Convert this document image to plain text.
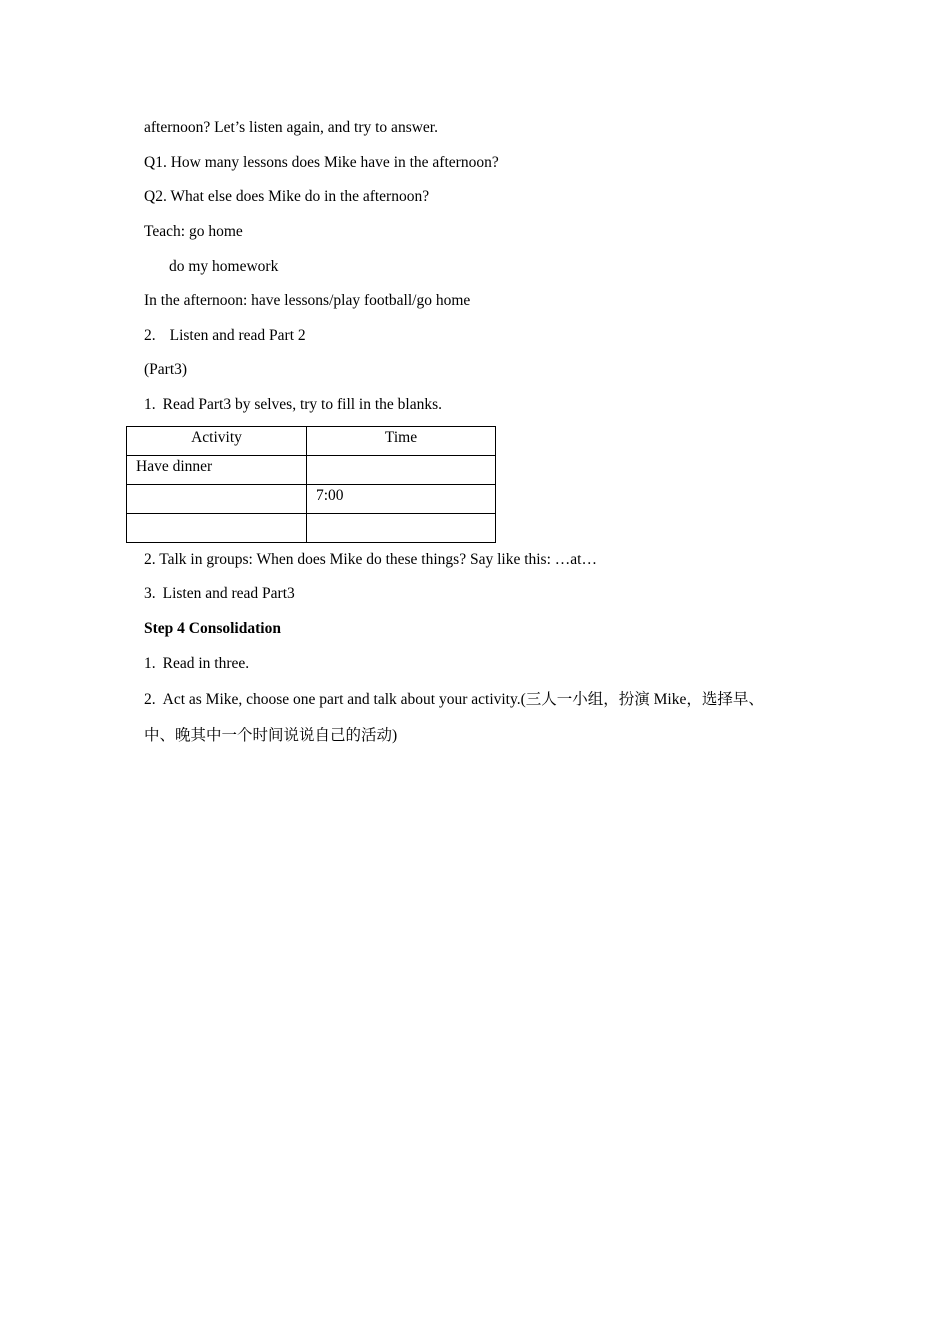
afternoon? Let’s listen again, and try to answer.
Q1. How many lessons does Mike have in the afternoon?
Q2. What else does Mike do in the afternoon?
Teach: go home
do my homework
In the afternoon: have lessons/play football/go home
2. Listen and read Part 2
(Part3)
1. Read Part3 by selves, try to fill in the blanks.
Activity	Time
Have dinner	
	7:00

2. Talk in groups: When does Mike do these things? Say like this: …at…
3. Listen and read Part3
Step 4 Consolidation
1. Read in three.
2. Act as Mike, choose one part and talk about your activity.(三人一小组，扮演 Mike，选择早、
中、晚其中一个时间说说自己的活动)
